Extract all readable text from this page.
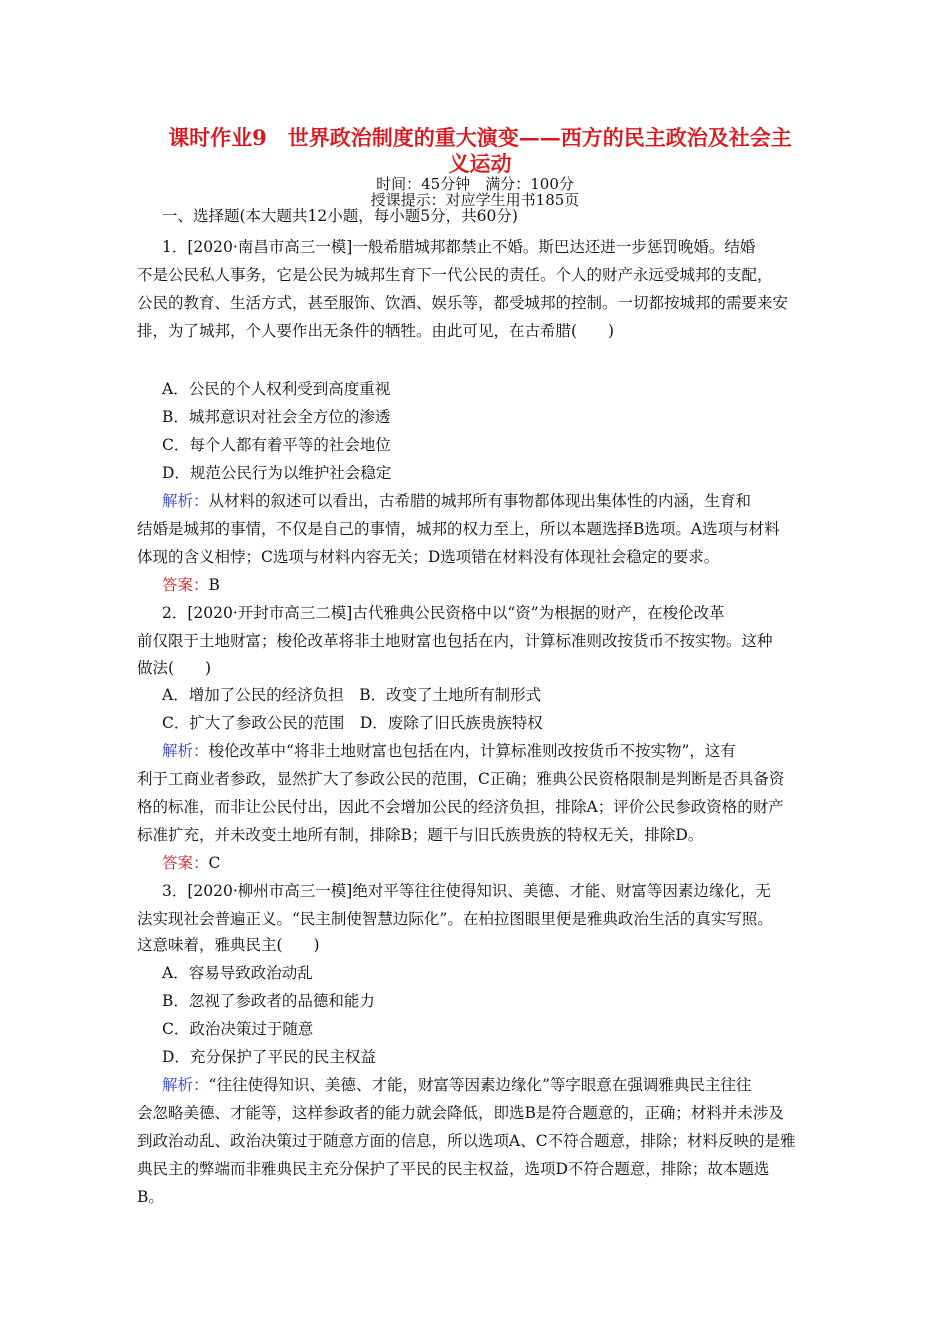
课时作业9　世界政治制度的重大演变——西方的民主政治及社会主
义运动
时间：45分钟　满分：100分
授课提示：对应学生用书185页
一、选择题(本大题共12小题，每小题5分，共60分)
1．[2020·南昌市高三一模]一般希腊城邦都禁止不婚。斯巴达还进一步惩罚晚婚。结婚
不是公民私人事务，它是公民为城邦生育下一代公民的责任。个人的财产永远受城邦的支配，
公民的教育、生活方式，甚至服饰、饮酒、娱乐等，都受城邦的控制。一切都按城邦的需要来安
排，为了城邦，个人要作出无条件的牺牲。由此可见，在古希腊(　　)
A．公民的个人权利受到高度重视
B．城邦意识对社会全方位的渗透
C．每个人都有着平等的社会地位
D．规范公民行为以维护社会稳定
解析：从材料的叙述可以看出，古希腊的城邦所有事物都体现出集体性的内涵，生育和
结婚是城邦的事情，不仅是自己的事情，城邦的权力至上，所以本题选择B选项。A选项与材料
体现的含义相悖；C选项与材料内容无关；D选项错在材料没有体现社会稳定的要求。
答案：B
2．[2020·开封市高三二模]古代雅典公民资格中以“资”为根据的财产，在梭伦改革
前仅限于土地财富；梭伦改革将非土地财富也包括在内，计算标准则改按货币不按实物。这种
做法(　　)
A．增加了公民的经济负担　B．改变了土地所有制形式
C．扩大了参政公民的范围　D．废除了旧氏族贵族特权
解析：梭伦改革中“将非土地财富也包括在内，计算标准则改按货币不按实物”，这有
利于工商业者参政，显然扩大了参政公民的范围，C正确；雅典公民资格限制是判断是否具备资
格的标准，而非让公民付出，因此不会增加公民的经济负担，排除A；评价公民参政资格的财产
标准扩充，并未改变土地所有制，排除B；题干与旧氏族贵族的特权无关，排除D。
答案：C
3．[2020·柳州市高三一模]绝对平等往往使得知识、美德、才能、财富等因素边缘化，无
法实现社会普遍正义。“民主制使智慧边际化”。在柏拉图眼里便是雅典政治生活的真实写照。
这意味着，雅典民主(　　)
A．容易导致政治动乱
B．忽视了参政者的品德和能力
C．政治决策过于随意
D．充分保护了平民的民主权益
解析：“往往使得知识、美德、才能，财富等因素边缘化”等字眼意在强调雅典民主往往
会忽略美德、才能等，这样参政者的能力就会降低，即选B是符合题意的，正确；材料并未涉及
到政治动乱、政治决策过于随意方面的信息，所以选项A、C不符合题意，排除；材料反映的是雅
典民主的弊端而非雅典民主充分保护了平民的民主权益，选项D不符合题意，排除；故本题选
B。
